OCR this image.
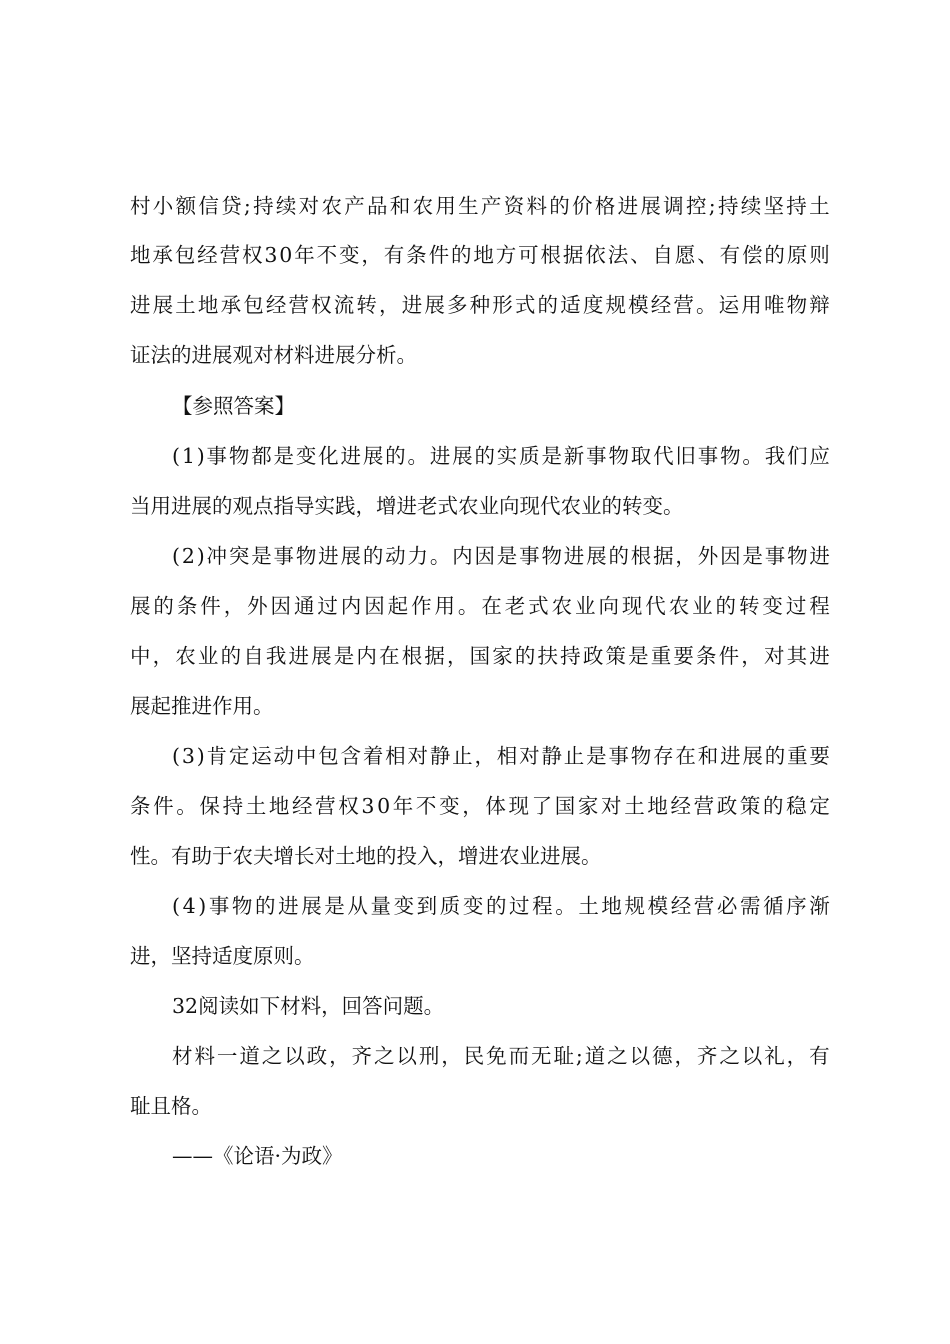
村 小 额 信 贷 ; 持 续 对 农 产 品 和 农 用 生 产 资 料 的 价 格 进 展 调 控 ; 持 续 坚 持 土
地 承 包 经 营 权 3 0 年 不 变 ， 有 条 件 的 地 方 可 根 据 依 法 、 自 愿 、 有 偿 的 原 则
进 展 土 地 承 包 经 营 权 流 转 ， 进 展 多 种 形 式 的 适 度 规 模 经 营 。 运 用 唯 物 辩
证法的进展观对材料进展分析。
【参照答案】
( 1 ) 事 物 都 是 变 化 进 展 的 。 进 展 的 实 质 是 新 事 物 取 代 旧 事 物 。 我 们 应
当用进展的观点指导实践，增进老式农业向现代农业的转变。
( 2 ) 冲 突 是 事 物 进 展 的 动 力 。 内 因 是 事 物 进 展 的 根 据 ， 外 因 是 事 物 进
展 的 条 件 ， 外 因 通 过 内 因 起 作 用 。 在 老 式 农 业 向 现 代 农 业 的 转 变 过 程
中 ， 农 业 的 自 我 进 展 是 内 在 根 据 ， 国 家 的 扶 持 政 策 是 重 要 条 件 ， 对 其 进
展起推进作用。
( 3 ) 肯 定 运 动 中 包 含 着 相 对 静 止 ， 相 对 静 止 是 事 物 存 在 和 进 展 的 重 要
条 件 。 保 持 土 地 经 营 权 3 0 年 不 变 ， 体 现 了 国 家 对 土 地 经 营 政 策 的 稳 定
性。有助于农夫增长对土地的投入，增进农业进展。
( 4 ) 事 物 的 进 展 是 从 量 变 到 质 变 的 过 程 。 土 地 规 模 经 营 必 需 循 序 渐
进，坚持适度原则。
32阅读如下材料，回答问题。
材 料 一 道 之 以 政 ， 齐 之 以 刑 ， 民 免 而 无 耻 ; 道 之 以 德 ， 齐 之 以 礼 ， 有
耻且格。
——《论语·为政》
